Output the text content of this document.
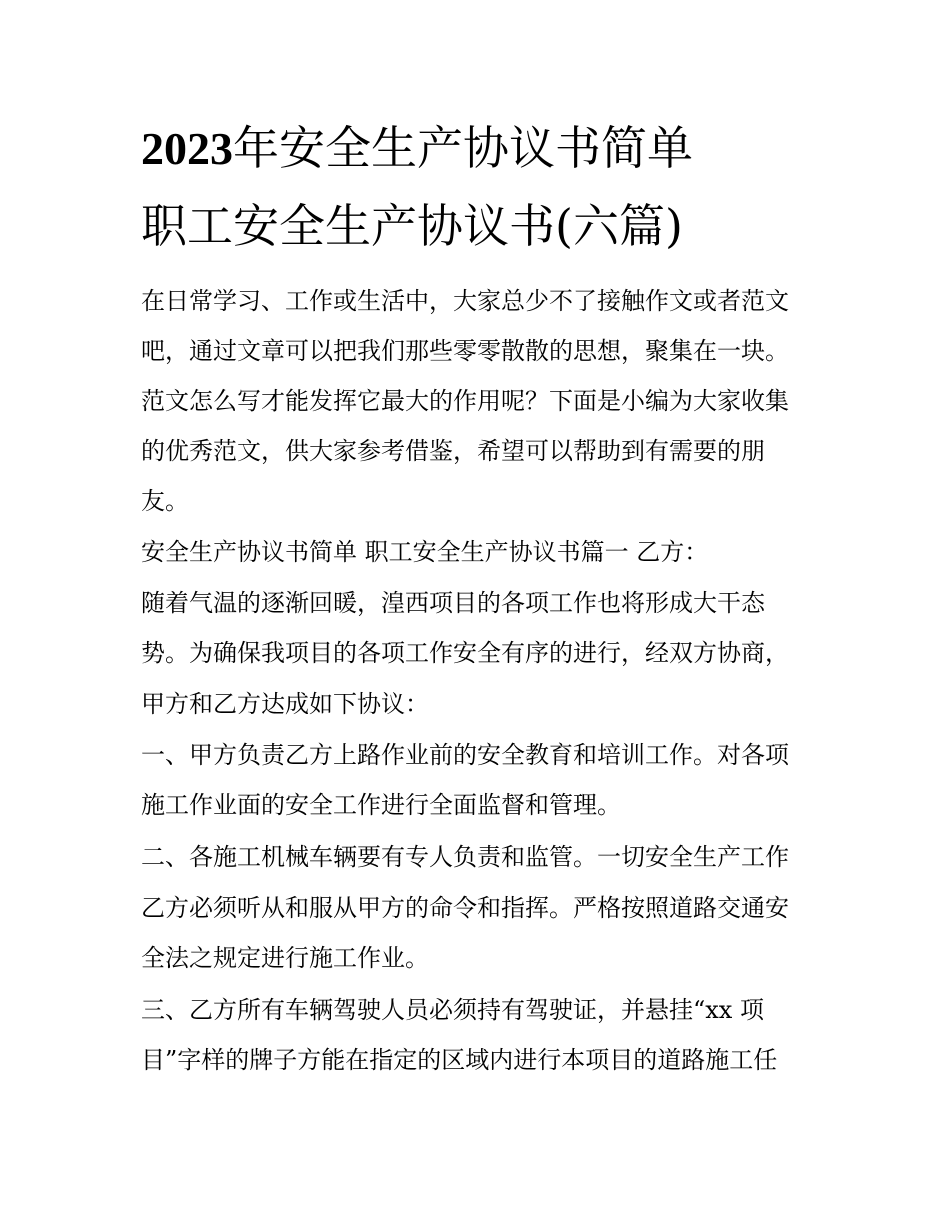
2023年安全生产协议书简单
职工安全生产协议书(六篇)
在日常学习、工作或生活中，大家总少不了接触作文或者范文
吧，通过文章可以把我们那些零零散散的思想，聚集在一块。
范文怎么写才能发挥它最大的作用呢？下面是小编为大家收集
的优秀范文，供大家参考借鉴，希望可以帮助到有需要的朋
友。
安全生产协议书简单 职工安全生产协议书篇一 乙方：
随着气温的逐渐回暖，湟西项目的各项工作也将形成大干态
势。为确保我项目的各项工作安全有序的进行，经双方协商，
甲方和乙方达成如下协议：
一、甲方负责乙方上路作业前的安全教育和培训工作。对各项
施工作业面的安全工作进行全面监督和管理。
二、各施工机械车辆要有专人负责和监管。一切安全生产工作
乙方必须听从和服从甲方的命令和指挥。严格按照道路交通安
全法之规定进行施工作业。
三、乙方所有车辆驾驶人员必须持有驾驶证，并悬挂“xx 项
目”字样的牌子方能在指定的区域内进行本项目的道路施工任
